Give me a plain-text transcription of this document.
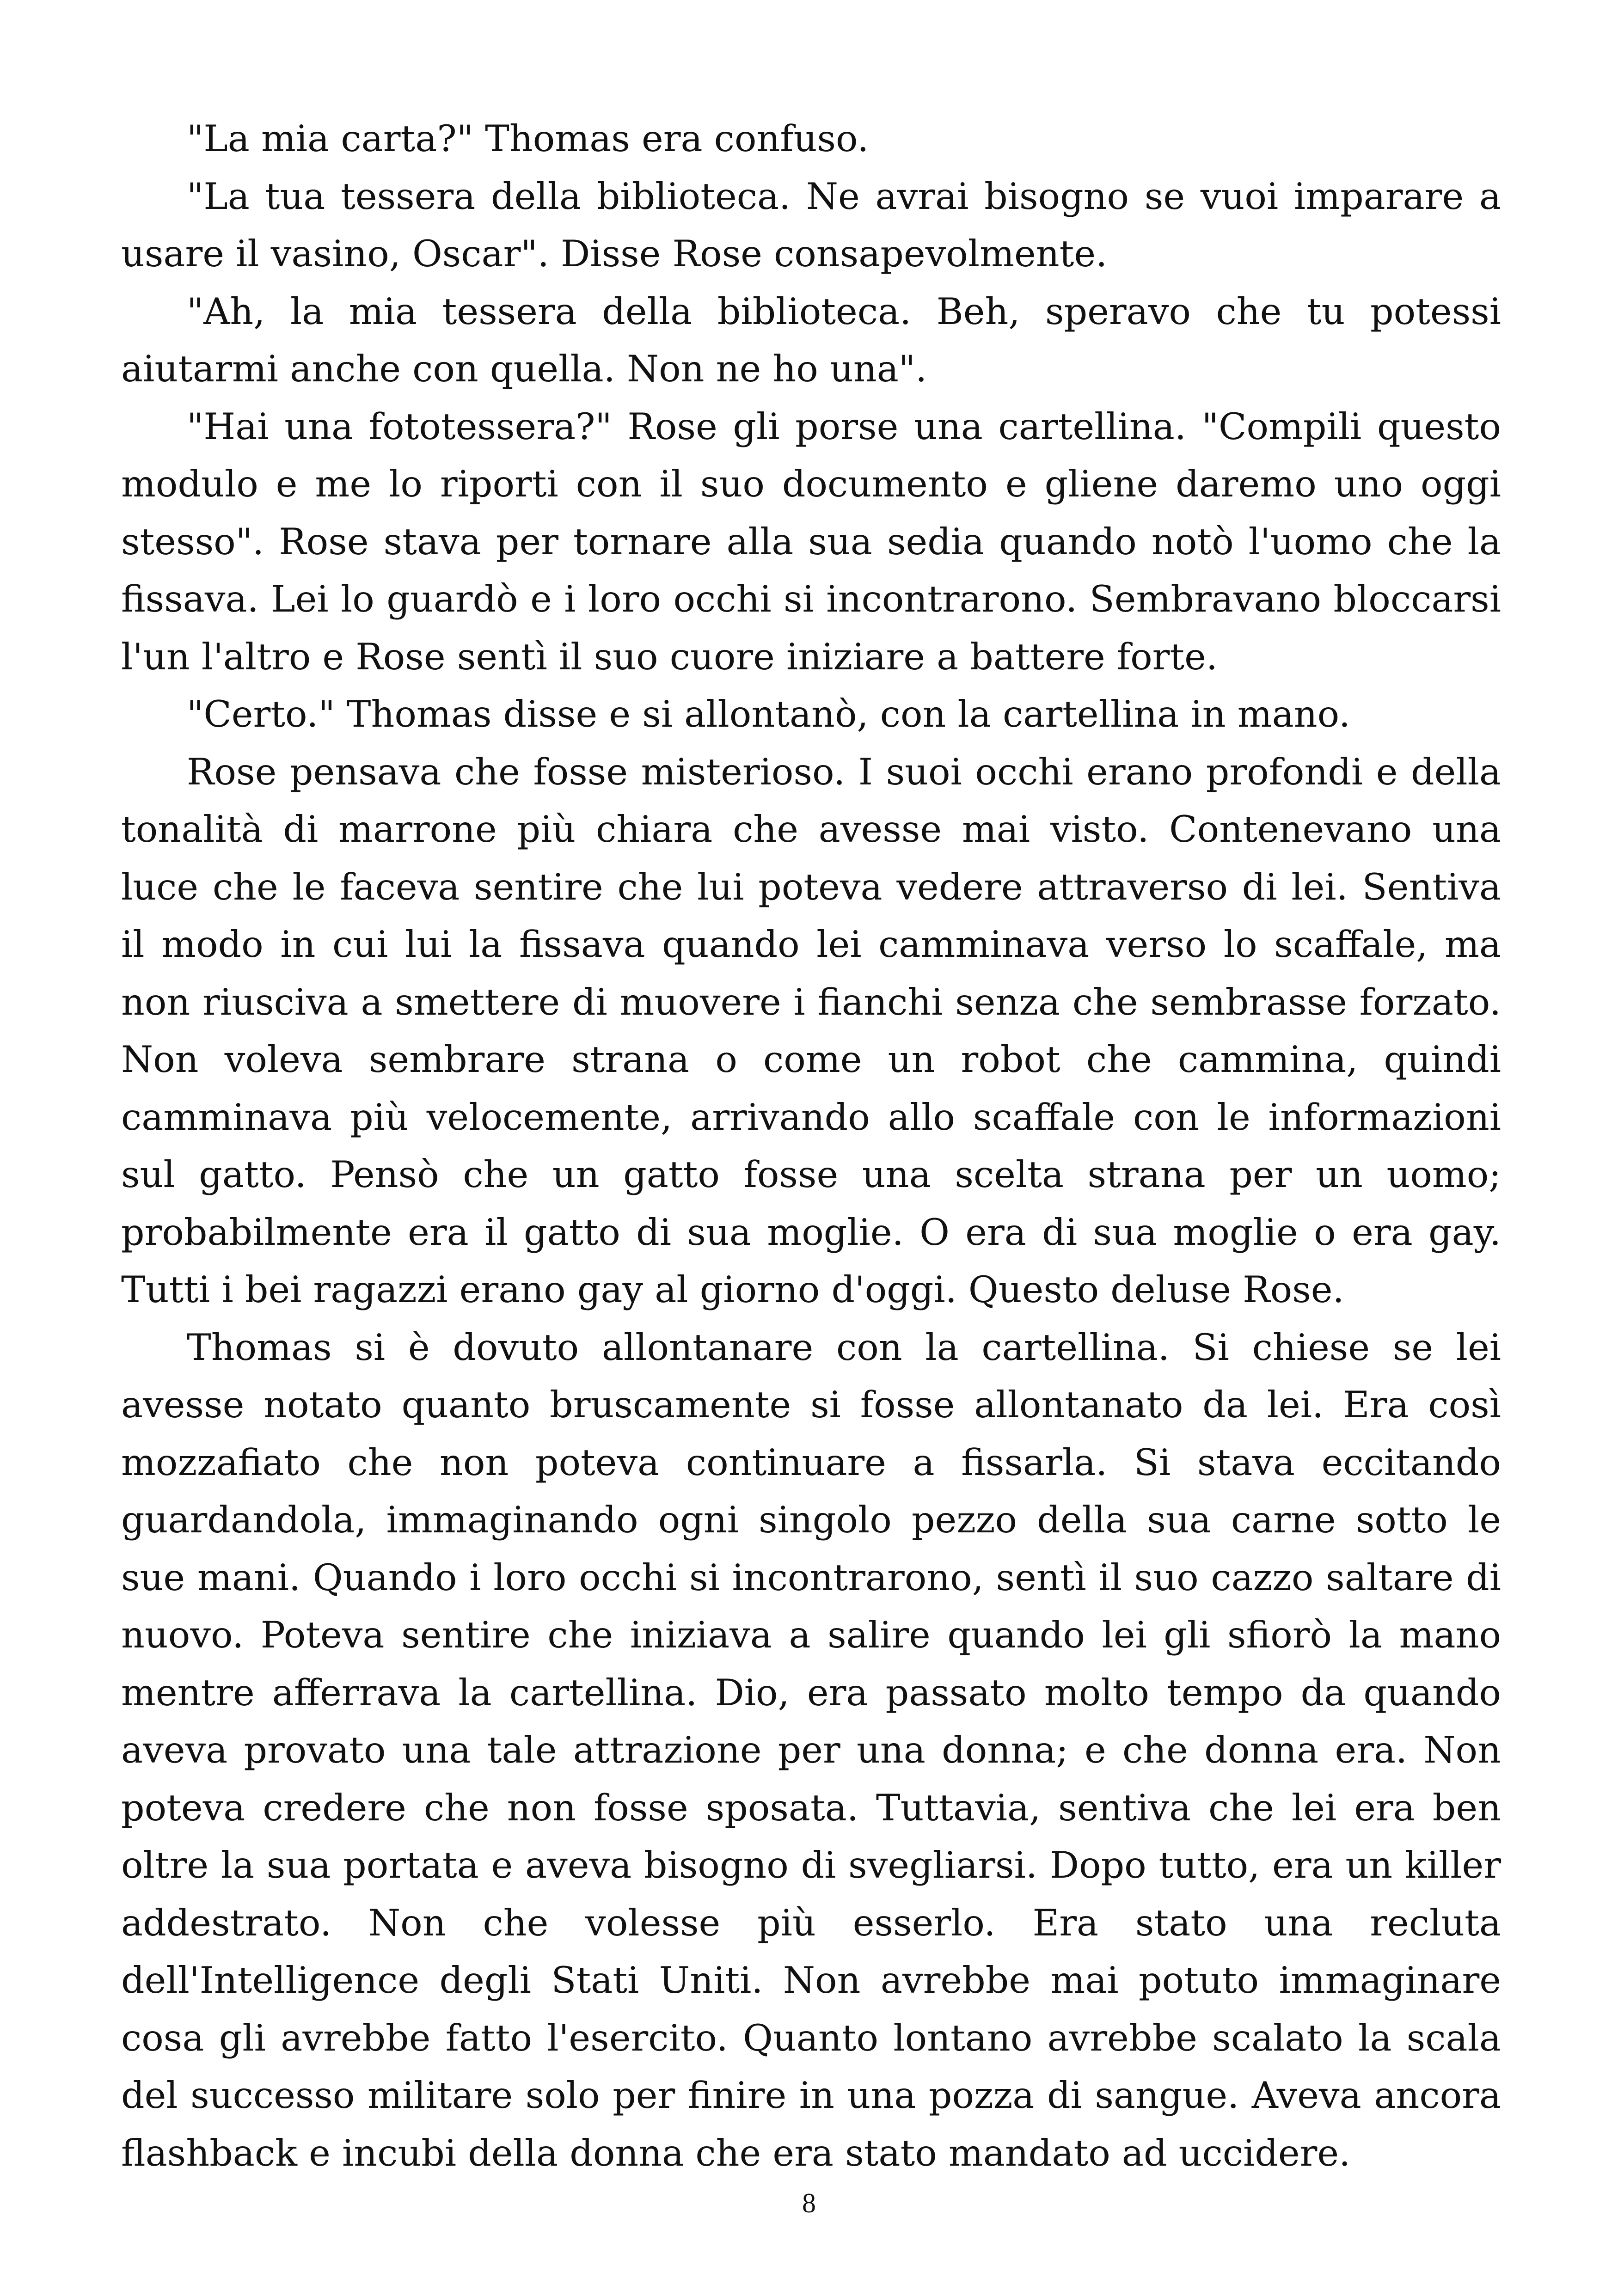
"La mia carta?" Thomas era confuso.

"La tua tessera della biblioteca. Ne avrai bisogno se vuoi imparare a usare il vasino, Oscar". Disse Rose consapevolmente.

"Ah, la mia tessera della biblioteca. Beh, speravo che tu potessi aiutarmi anche con quella. Non ne ho una".

"Hai una fototessera?" Rose gli porse una cartellina. "Compili questo modulo e me lo riporti con il suo documento e gliene daremo uno oggi stesso". Rose stava per tornare alla sua sedia quando notò l'uomo che la fissava. Lei lo guardò e i loro occhi si incontrarono. Sembravano bloccarsi l'un l'altro e Rose sentì il suo cuore iniziare a battere forte.

"Certo." Thomas disse e si allontanò, con la cartellina in mano.

Rose pensava che fosse misterioso. I suoi occhi erano profondi e della tonalità di marrone più chiara che avesse mai visto. Contenevano una luce che le faceva sentire che lui poteva vedere attraverso di lei. Sentiva il modo in cui lui la fissava quando lei camminava verso lo scaffale, ma non riusciva a smettere di muovere i fianchi senza che sembrasse forzato. Non voleva sembrare strana o come un robot che cammina, quindi camminava più velocemente, arrivando allo scaffale con le informazioni sul gatto. Pensò che un gatto fosse una scelta strana per un uomo; probabilmente era il gatto di sua moglie. O era di sua moglie o era gay. Tutti i bei ragazzi erano gay al giorno d'oggi. Questo deluse Rose.

Thomas si è dovuto allontanare con la cartellina. Si chiese se lei avesse notato quanto bruscamente si fosse allontanato da lei. Era così mozzafiato che non poteva continuare a fissarla. Si stava eccitando guardandola, immaginando ogni singolo pezzo della sua carne sotto le sue mani. Quando i loro occhi si incontrarono, sentì il suo cazzo saltare di nuovo. Poteva sentire che iniziava a salire quando lei gli sfiorò la mano mentre afferrava la cartellina. Dio, era passato molto tempo da quando aveva provato una tale attrazione per una donna; e che donna era. Non poteva credere che non fosse sposata. Tuttavia, sentiva che lei era ben oltre la sua portata e aveva bisogno di svegliarsi. Dopo tutto, era un killer addestrato. Non che volesse più esserlo. Era stato una recluta dell'Intelligence degli Stati Uniti. Non avrebbe mai potuto immaginare cosa gli avrebbe fatto l'esercito. Quanto lontano avrebbe scalato la scala del successo militare solo per finire in una pozza di sangue. Aveva ancora flashback e incubi della donna che era stato mandato ad uccidere.

8
